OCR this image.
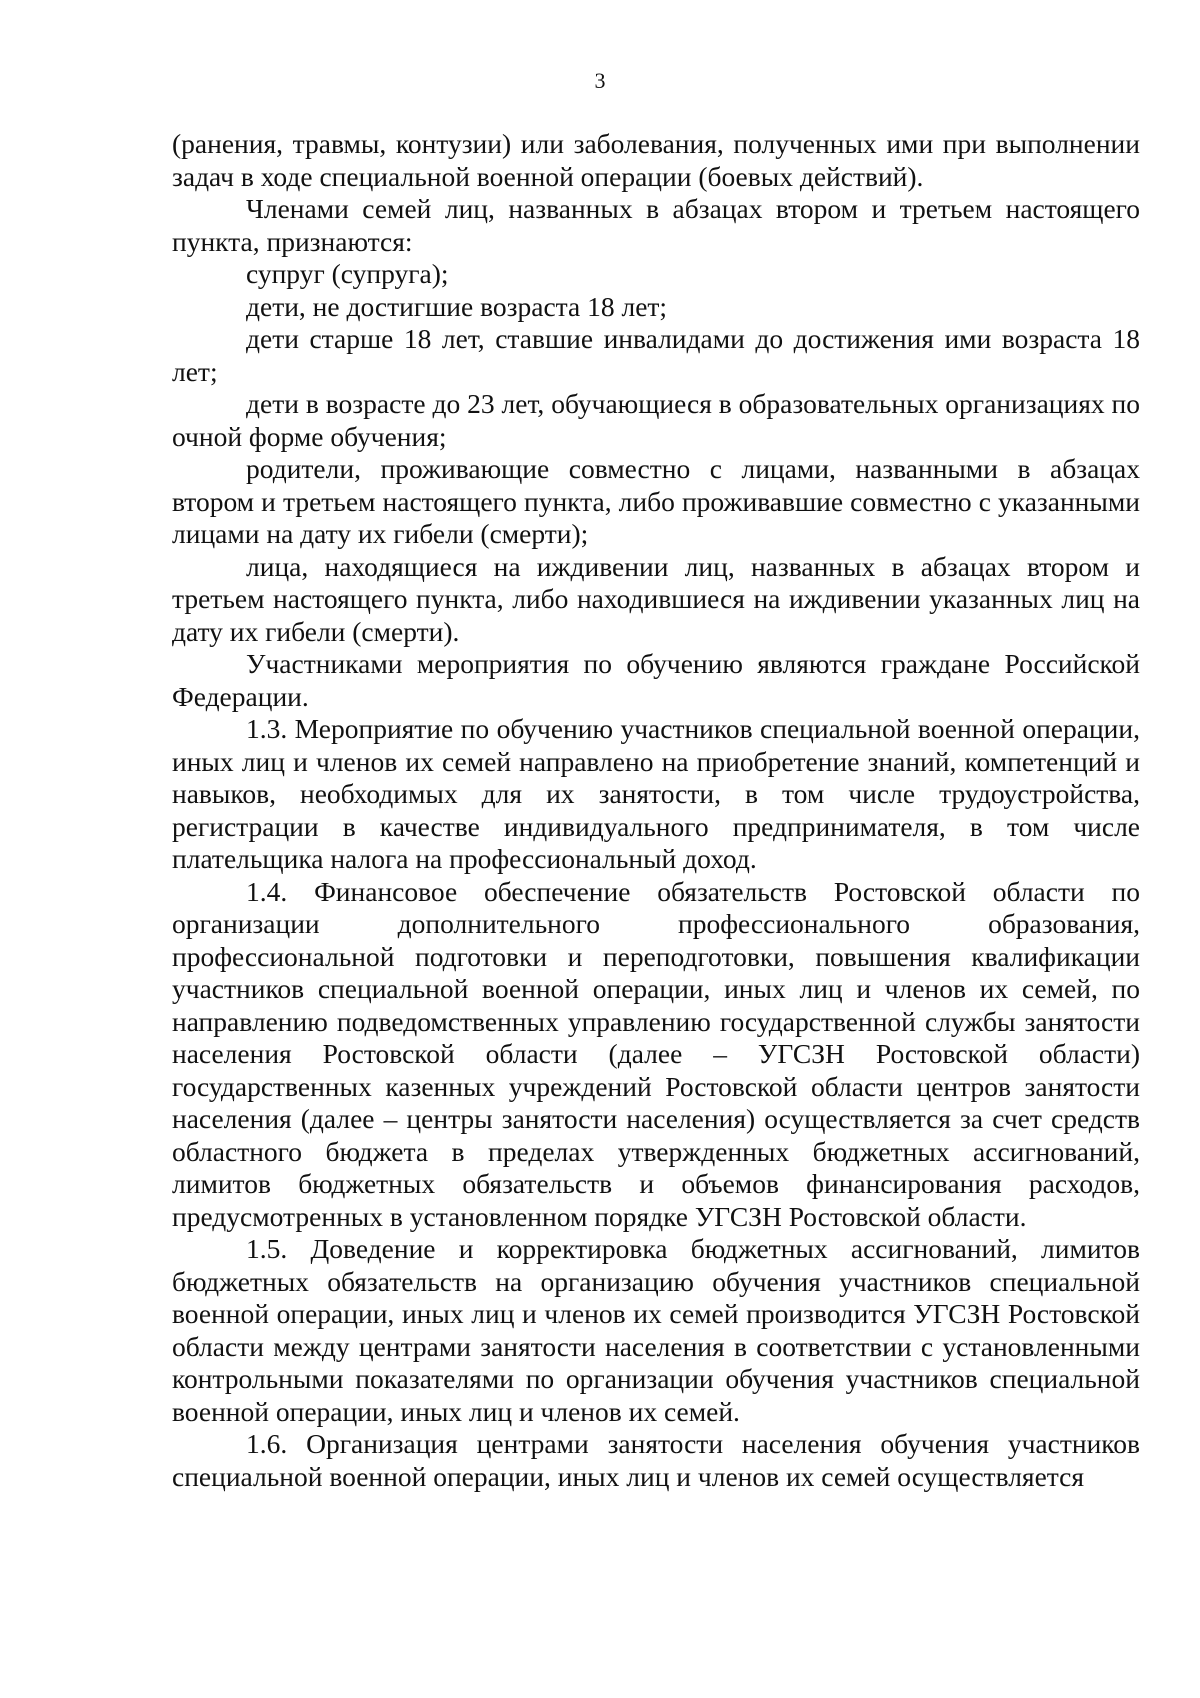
3

(ранения, травмы, контузии) или заболевания, полученных ими при выполнении задач в ходе специальной военной операции (боевых действий).

Членами семей лиц, названных в абзацах втором и третьем настоящего пункта, признаются:

супруг (супруга);

дети, не достигшие возраста 18 лет;

дети старше 18 лет, ставшие инвалидами до достижения ими возраста 18 лет;

дети в возрасте до 23 лет, обучающиеся в образовательных организациях по очной форме обучения;

родители, проживающие совместно с лицами, названными в абзацах втором и третьем настоящего пункта, либо проживавшие совместно с указанными лицами на дату их гибели (смерти);

лица, находящиеся на иждивении лиц, названных в абзацах втором и третьем настоящего пункта, либо находившиеся на иждивении указанных лиц на дату их гибели (смерти).

Участниками мероприятия по обучению являются граждане Российской Федерации.

1.3. Мероприятие по обучению участников специальной военной операции, иных лиц и членов их семей направлено на приобретение знаний, компетенций и навыков, необходимых для их занятости, в том числе трудоустройства, регистрации в качестве индивидуального предпринимателя, в том числе плательщика налога на профессиональный доход.

1.4. Финансовое обеспечение обязательств Ростовской области по организации дополнительного профессионального образования, профессиональной подготовки и переподготовки, повышения квалификации участников специальной военной операции, иных лиц и членов их семей, по направлению подведомственных управлению государственной службы занятости населения Ростовской области (далее – УГСЗН Ростовской области) государственных казенных учреждений Ростовской области центров занятости населения (далее – центры занятости населения) осуществляется за счет средств областного бюджета в пределах утвержденных бюджетных ассигнований, лимитов бюджетных обязательств и объемов финансирования расходов, предусмотренных в установленном порядке УГСЗН Ростовской области.

1.5. Доведение и корректировка бюджетных ассигнований, лимитов бюджетных обязательств на организацию обучения участников специальной военной операции, иных лиц и членов их семей производится УГСЗН Ростовской области между центрами занятости населения в соответствии с установленными контрольными показателями по организации обучения участников специальной военной операции, иных лиц и членов их семей.

1.6. Организация центрами занятости населения обучения участников специальной военной операции, иных лиц и членов их семей осуществляется
